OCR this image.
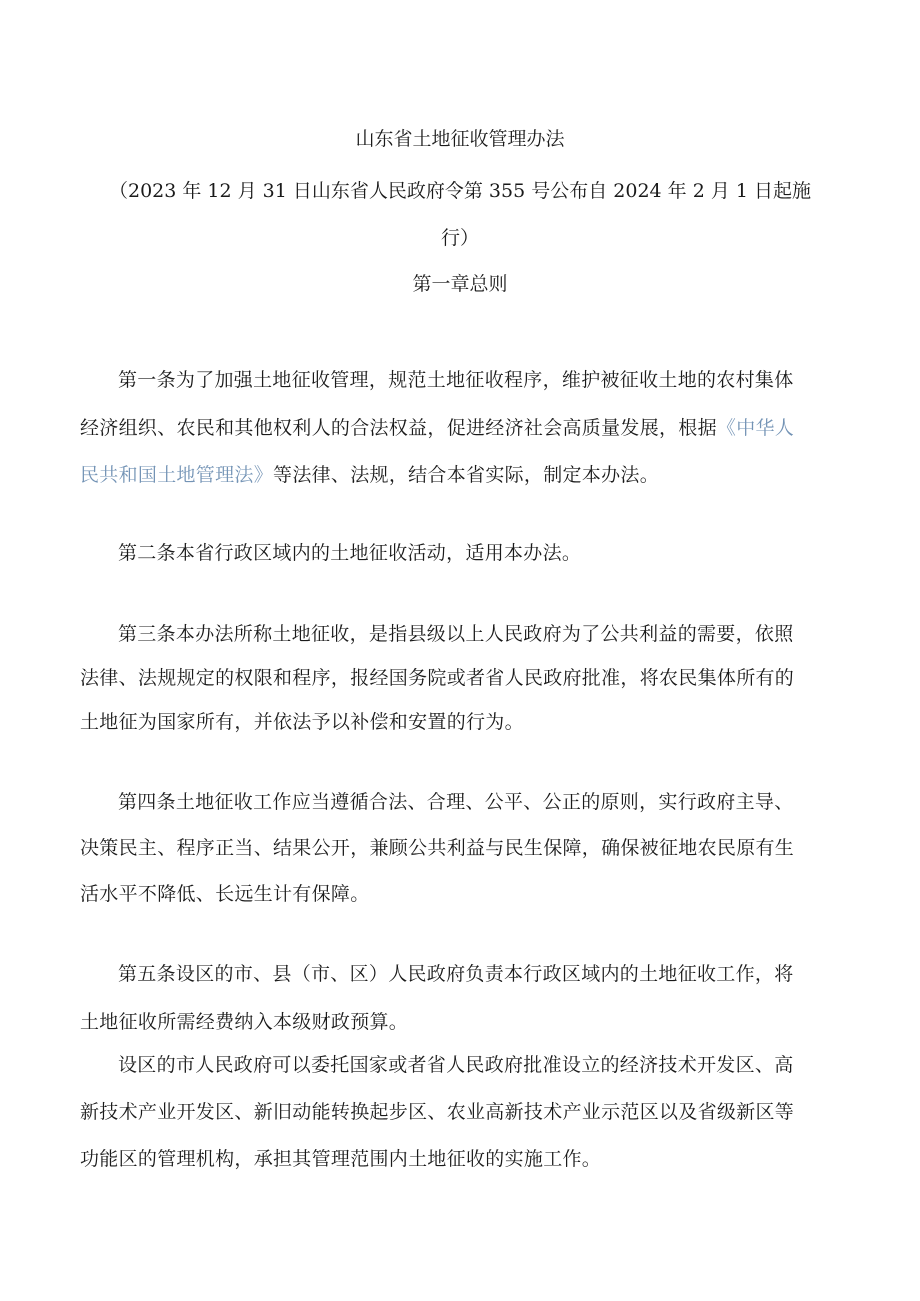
山东省土地征收管理办法
（2023 年 12 月 31 日山东省人民政府令第 355 号公布自 2024 年 2 月 1 日起施
行）
第一章总则
第一条为了加强土地征收管理，规范土地征收程序，维护被征收土地的农村集体
经济组织、农民和其他权利人的合法权益，促进经济社会高质量发展，根据《中华人
民共和国土地管理法》等法律、法规，结合本省实际，制定本办法。
第二条本省行政区域内的土地征收活动，适用本办法。
第三条本办法所称土地征收，是指县级以上人民政府为了公共利益的需要，依照
法律、法规规定的权限和程序，报经国务院或者省人民政府批准，将农民集体所有的
土地征为国家所有，并依法予以补偿和安置的行为。
第四条土地征收工作应当遵循合法、合理、公平、公正的原则，实行政府主导、
决策民主、程序正当、结果公开，兼顾公共利益与民生保障，确保被征地农民原有生
活水平不降低、长远生计有保障。
第五条设区的市、县（市、区）人民政府负责本行政区域内的土地征收工作，将
土地征收所需经费纳入本级财政预算。
设区的市人民政府可以委托国家或者省人民政府批准设立的经济技术开发区、高
新技术产业开发区、新旧动能转换起步区、农业高新技术产业示范区以及省级新区等
功能区的管理机构，承担其管理范围内土地征收的实施工作。
